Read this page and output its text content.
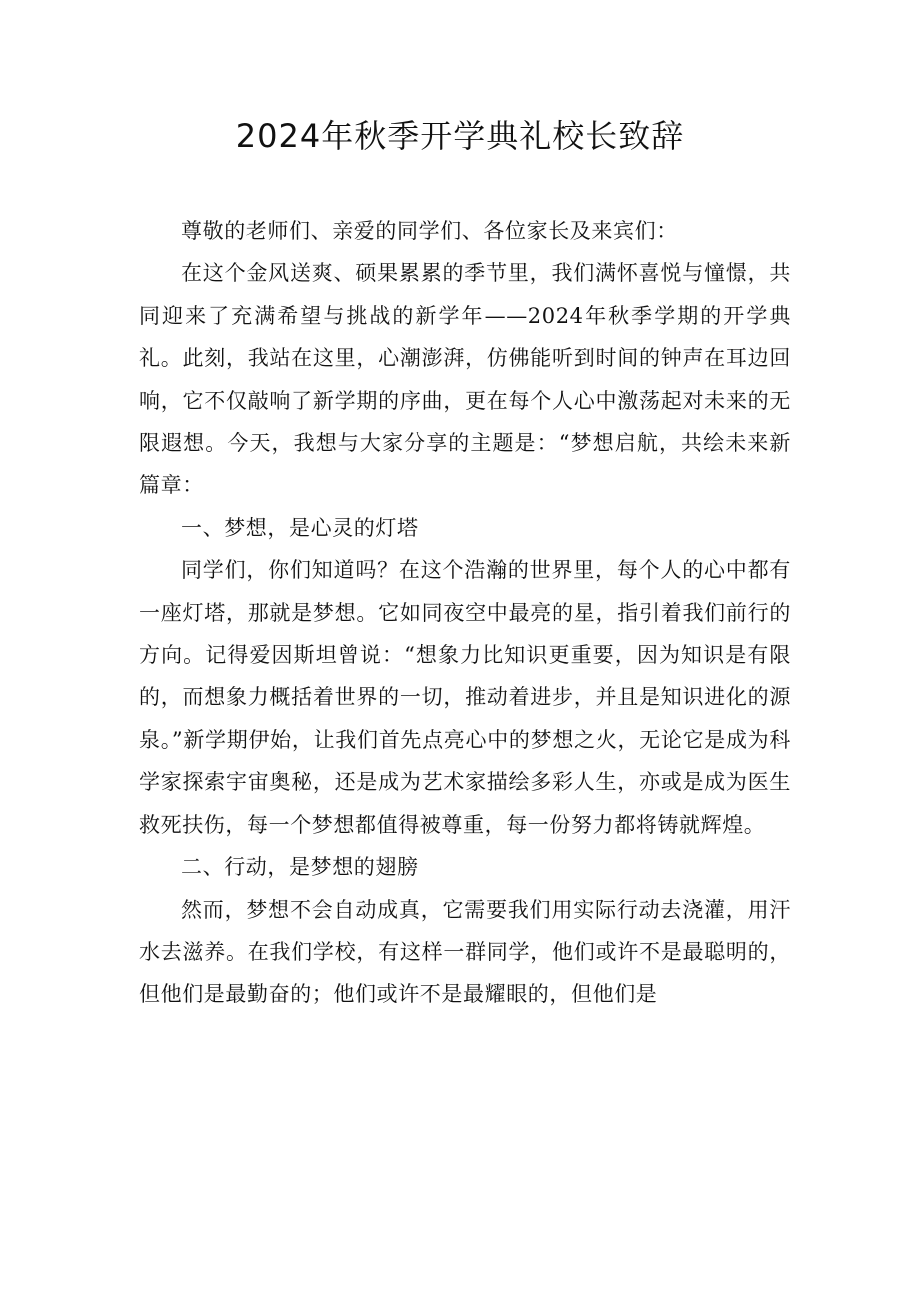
2024年秋季开学典礼校长致辞

尊敬的老师们、亲爱的同学们、各位家长及来宾们：

在这个金风送爽、硕果累累的季节里，我们满怀喜悦与憧憬，共同迎来了充满希望与挑战的新学年——2024年秋季学期的开学典礼。此刻，我站在这里，心潮澎湃，仿佛能听到时间的钟声在耳边回响，它不仅敲响了新学期的序曲，更在每个人心中激荡起对未来的无限遐想。今天，我想与大家分享的主题是：“梦想启航，共绘未来新篇章：

一、梦想，是心灵的灯塔

同学们，你们知道吗？在这个浩瀚的世界里，每个人的心中都有一座灯塔，那就是梦想。它如同夜空中最亮的星，指引着我们前行的方向。记得爱因斯坦曾说：“想象力比知识更重要，因为知识是有限的，而想象力概括着世界的一切，推动着进步，并且是知识进化的源泉。”新学期伊始，让我们首先点亮心中的梦想之火，无论它是成为科学家探索宇宙奥秘，还是成为艺术家描绘多彩人生，亦或是成为医生救死扶伤，每一个梦想都值得被尊重，每一份努力都将铸就辉煌。

二、行动，是梦想的翅膀

然而，梦想不会自动成真，它需要我们用实际行动去浇灌，用汗水去滋养。在我们学校，有这样一群同学，他们或许不是最聪明的，但他们是最勤奋的；他们或许不是最耀眼的，但他们是
